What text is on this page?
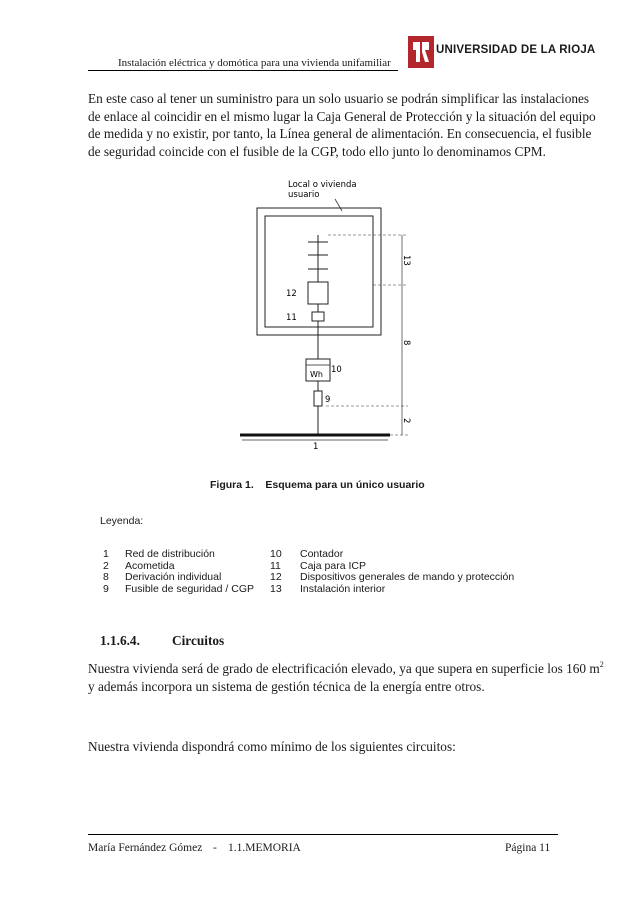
Instalación eléctrica y domótica para una vivienda unifamiliar
UNIVERSIDAD DE LA RIOJA
En este caso al tener un suministro para un solo usuario se podrán simplificar las instalaciones de enlace al coincidir en el mismo lugar la Caja General de Protección y la situación del equipo de medida y no existir, por tanto, la Línea general de alimentación. En consecuencia, el fusible de seguridad coincide con el fusible de la CGP, todo ello junto lo denominamos CPM.
Local o vivienda
usuario
12
11
Wh 10
9
1
13
8
2
Figura 1.    Esquema para un único usuario
Leyenda:
1 Red de distribución
2 Acometida
8 Derivación individual
9 Fusible de seguridad / CGP
10 Contador
11 Caja para ICP
12 Dispositivos generales de mando y protección
13 Instalación interior
1.1.6.4. Circuitos
Nuestra vivienda será de grado de electrificación elevado, ya que supera en superficie los 160 $m^2$
y además incorpora un sistema de gestión técnica de la energía entre otros.
Nuestra vivienda dispondrá como mínimo de los siguientes circuitos:
María Fernández Gómez - 1.1.MEMORIA	Página 11
